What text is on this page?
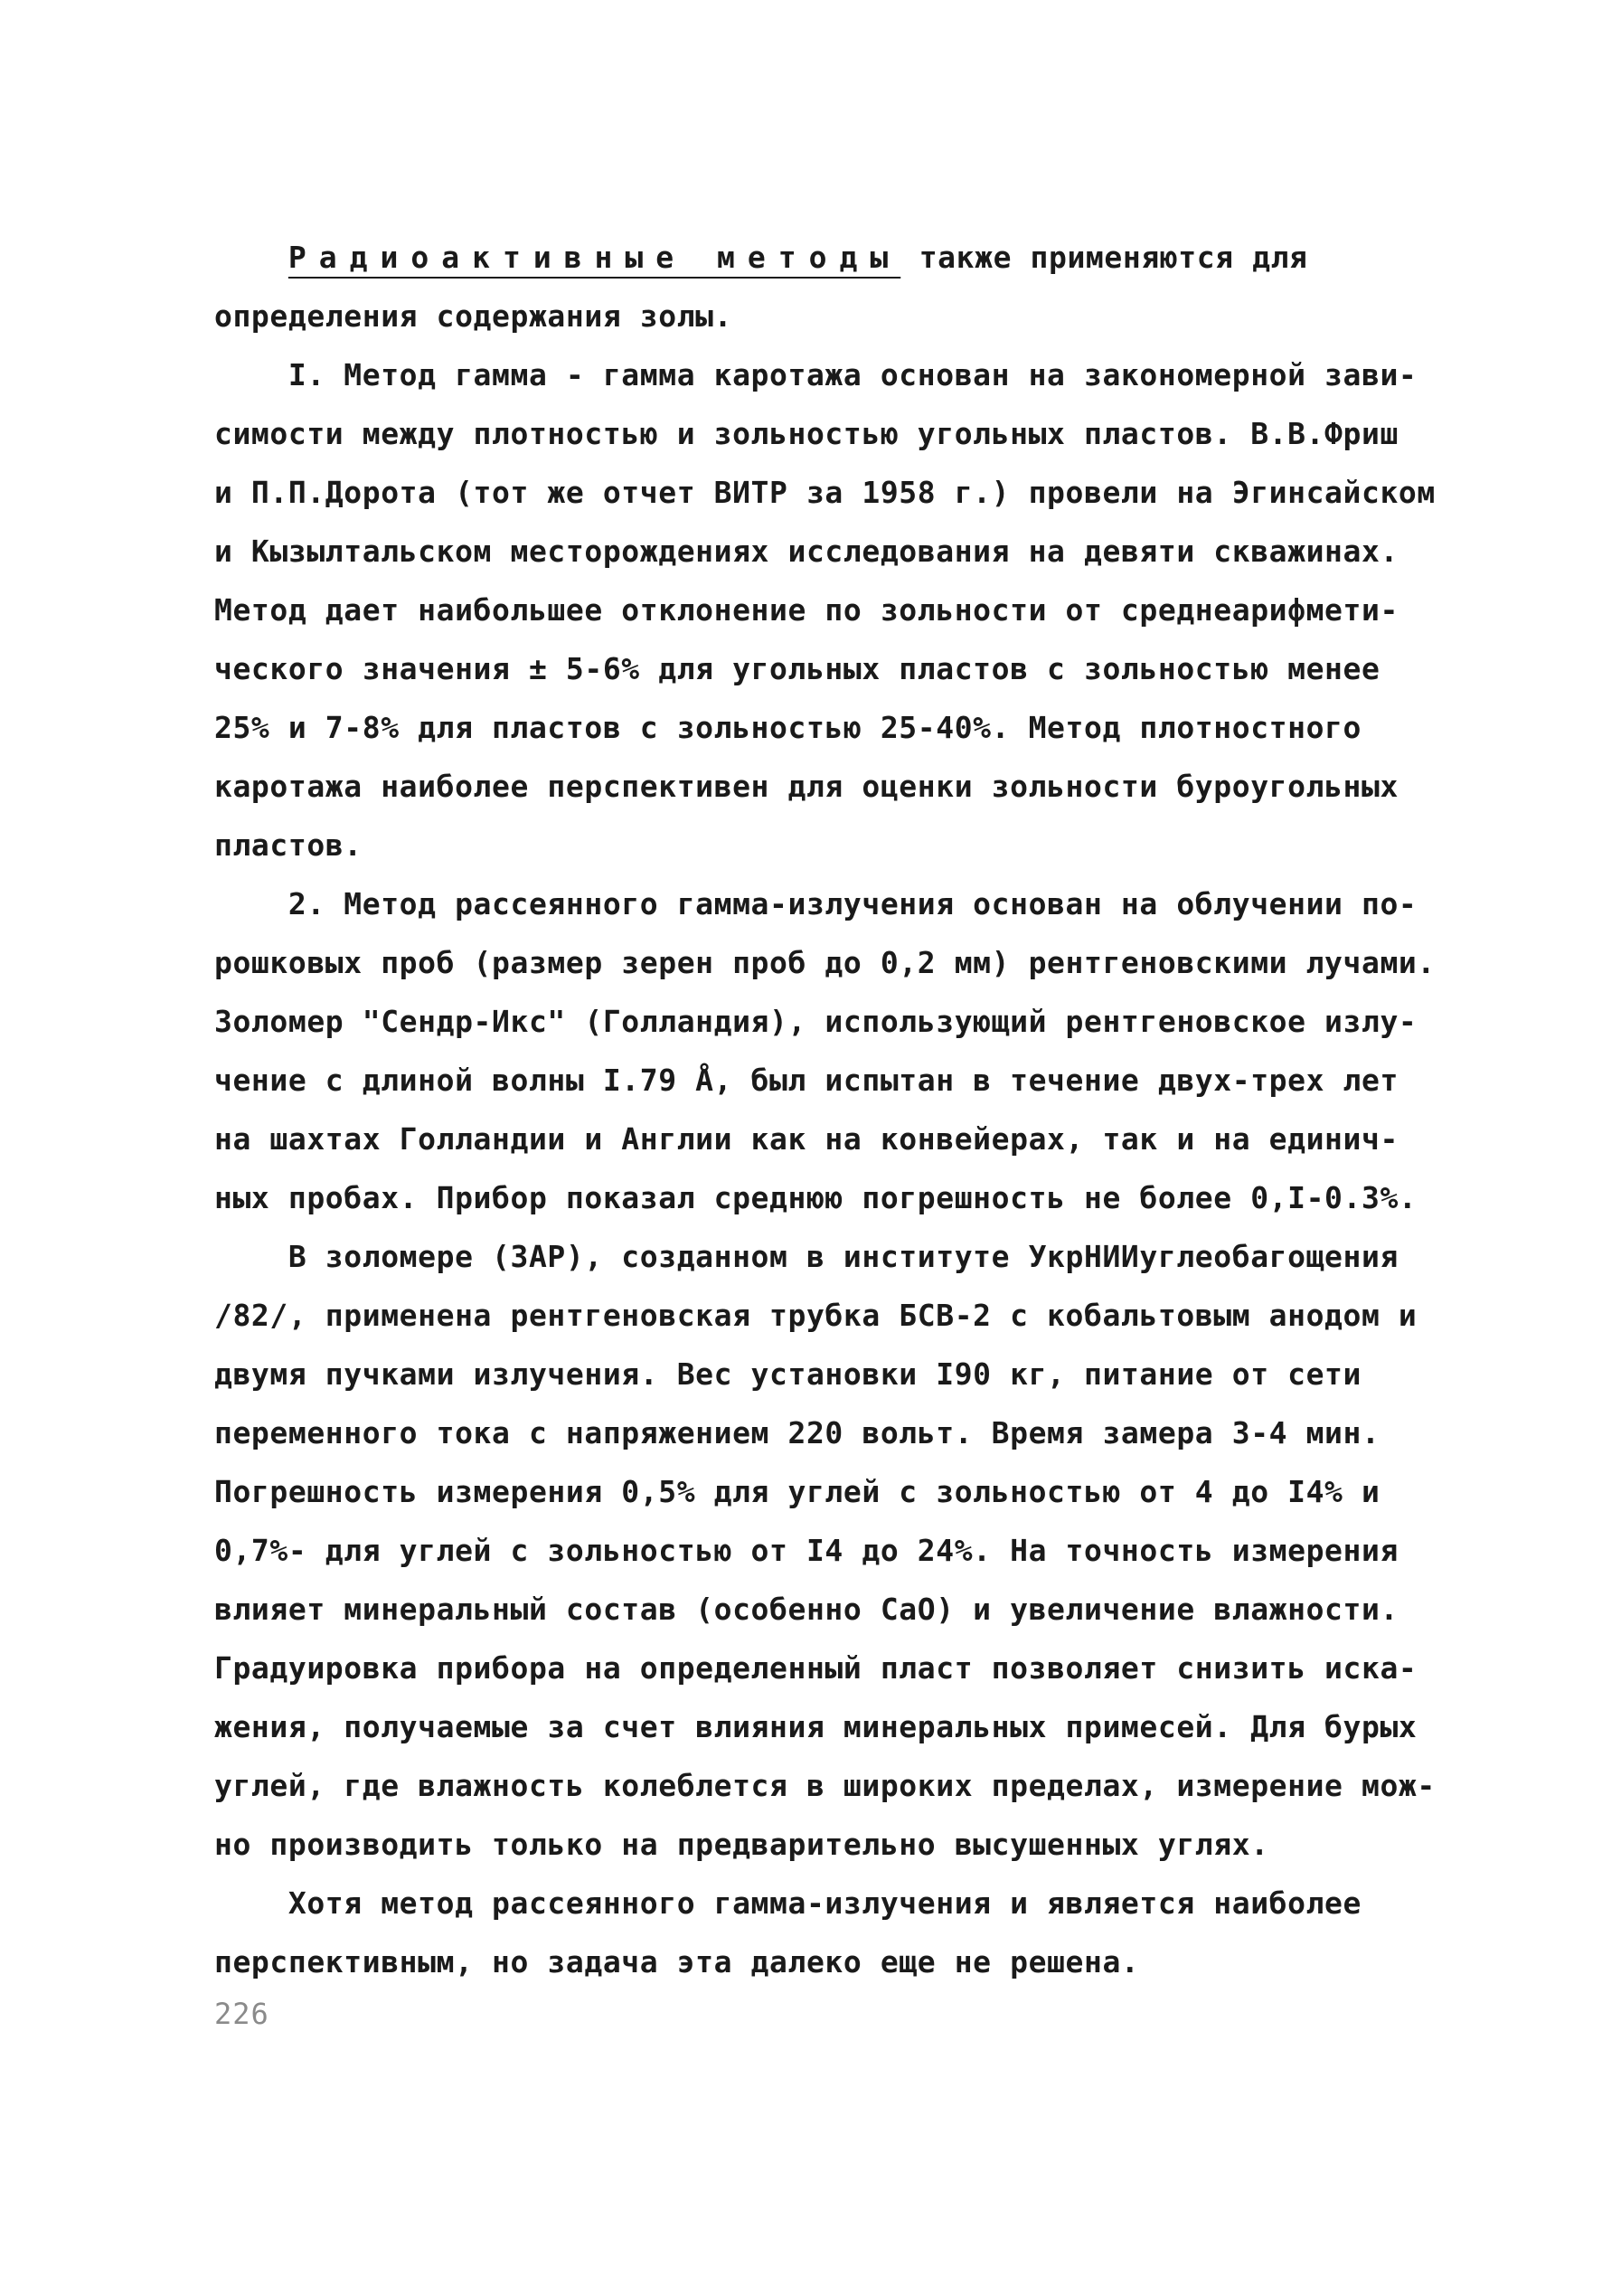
Радиоактивные методы также применяются для
определения содержания золы.
I. Метод гамма - гамма каротажа основан на закономерной зави-
симости между плотностью и зольностью угольных пластов. В.В.Фриш
и П.П.Дорота (тот же отчет ВИТР за 1958 г.) провели на Эгинсайском
и Кызылтальском месторождениях исследования на девяти скважинах.
Метод дает наибольшее отклонение по зольности от среднеарифмети-
ческого значения ± 5-6% для угольных пластов с зольностью менее
25% и 7-8% для пластов с зольностью 25-40%. Метод плотностного
каротажа наиболее перспективен для оценки зольности буроугольных
пластов.
2. Метод рассеянного гамма-излучения основан на облучении по-
рошковых проб (размер зерен проб до 0,2 мм) рентгеновскими лучами.
Золомер "Сендр-Икс" (Голландия), использующий рентгеновское излу-
чение с длиной волны I.79 Å, был испытан в течение двух-трех лет
на шахтах Голландии и Англии как на конвейерах, так и на единич-
ных пробах. Прибор показал среднюю погрешность не более 0,I-0.3%.
В золомере (ЗАР), созданном в институте УкрНИИуглеобагощения
/82/, применена рентгеновская трубка БСВ-2 с кобальтовым анодом и
двумя пучками излучения. Вес установки I90 кг, питание от сети
переменного тока с напряжением 220 вольт. Время замера 3-4 мин.
Погрешность измерения 0,5% для углей с зольностью от 4 до I4% и
0,7%- для углей с зольностью от I4 до 24%. На точность измерения
влияет минеральный состав (особенно CaO) и увеличение влажности.
Градуировка прибора на определенный пласт позволяет снизить иска-
жения, получаемые за счет влияния минеральных примесей. Для бурых
углей, где влажность колеблется в широких пределах, измерение мож-
но производить только на предварительно высушенных углях.
Хотя метод рассеянного гамма-излучения и является наиболее
перспективным, но задача эта далеко еще не решена.
226
